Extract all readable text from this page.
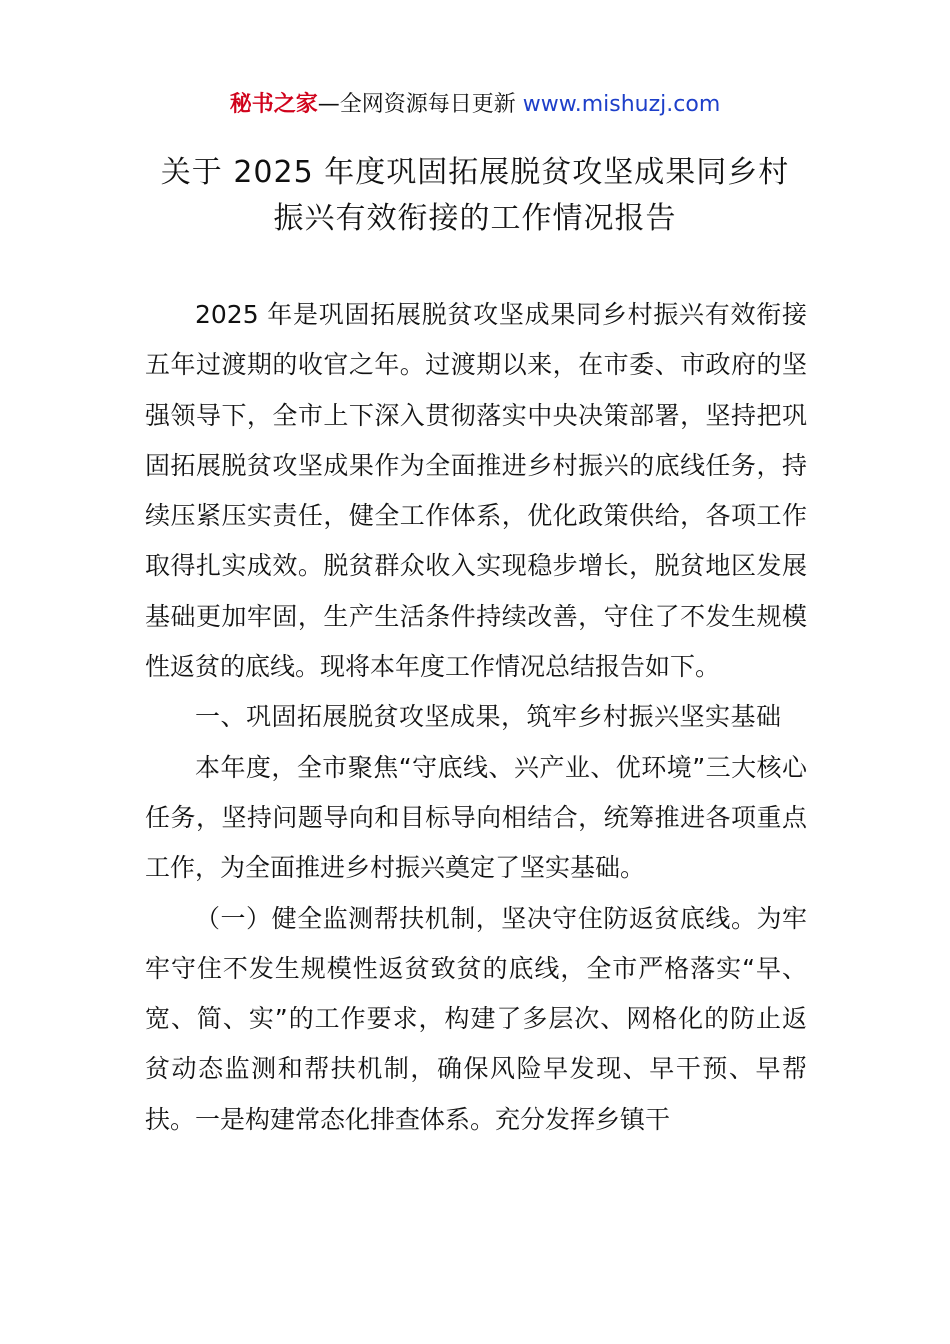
秘书之家—全网资源每日更新 www.mishuzj.com
关于 2025 年度巩固拓展脱贫攻坚成果同乡村
振兴有效衔接的工作情况报告

2025 年是巩固拓展脱贫攻坚成果同乡村振兴有效衔接五年过渡期的收官之年。过渡期以来，在市委、市政府的坚强领导下，全市上下深入贯彻落实中央决策部署，坚持把巩固拓展脱贫攻坚成果作为全面推进乡村振兴的底线任务，持续压紧压实责任，健全工作体系，优化政策供给，各项工作取得扎实成效。脱贫群众收入实现稳步增长，脱贫地区发展基础更加牢固，生产生活条件持续改善，守住了不发生规模性返贫的底线。现将本年度工作情况总结报告如下。

一、巩固拓展脱贫攻坚成果，筑牢乡村振兴坚实基础

本年度，全市聚焦“守底线、兴产业、优环境”三大核心任务，坚持问题导向和目标导向相结合，统筹推进各项重点工作，为全面推进乡村振兴奠定了坚实基础。

（一）健全监测帮扶机制，坚决守住防返贫底线。为牢牢守住不发生规模性返贫致贫的底线，全市严格落实“早、宽、简、实”的工作要求，构建了多层次、网格化的防止返贫动态监测和帮扶机制，确保风险早发现、早干预、早帮扶。一是构建常态化排查体系。充分发挥乡镇干
